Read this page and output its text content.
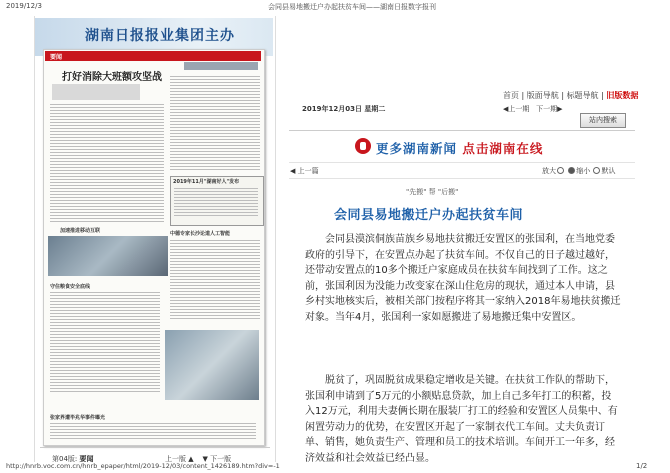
2019/12/3	会同县易地搬迁户办起扶贫车间——湖南日报数字报刊
http://hnrb.voc.com.cn/hnrb_epaper/html/2019-12/03/content_1426189.htm?div=-1	1/2
湖南日报报业集团主办
要闻
打好消除大班额攻坚战
2019年11月"湖南好人"发布
加速推进移动互联	中德专家长沙论道人工智能
守住粮食安全底线
张家界遭毕兆华事件曝光
第04版: 要闻	上一版 ▲ ▼ 下一版
首页 | 版面导航 | 标题导航 | 旧版数据
2019年12月03日 星期二	◀上一期 下一期▶
站内搜索
更多湖南新闻 点击湖南在线
◀ 上一篇	放大	缩小 默认
"先搬" 帮 "后搬"
会同县易地搬迁户办起扶贫车间

会同县漠滨侗族苗族乡易地扶贫搬迁安置区的张国利，在当地党委政府的引导下，在安置点办起了扶贫车间。不仅自己的日子越过越好，还带动安置点的10多个搬迁户家庭成员在扶贫车间找到了工作。这之前，张国利因为没能力改变家在深山住危房的现状，通过本人申请，县乡村实地核实后，被相关部门按程序将其一家纳入2018年易地扶贫搬迁对象。当年4月，张国利一家如愿搬进了易地搬迁集中安置区。

脱贫了，巩固脱贫成果稳定增收是关键。在扶贫工作队的帮助下，张国利申请到了5万元的小额贴息贷款，加上自己多年打工的积蓄，投入12万元，利用夫妻俩长期在服装厂打工的经验和安置区人员集中、有闲置劳动力的优势，在安置区开起了一家制衣代工车间。丈夫负责订单、销售，她负责生产、管理和员工的技术培训。车间开工一年多，经济效益和社会效益已经凸显。
